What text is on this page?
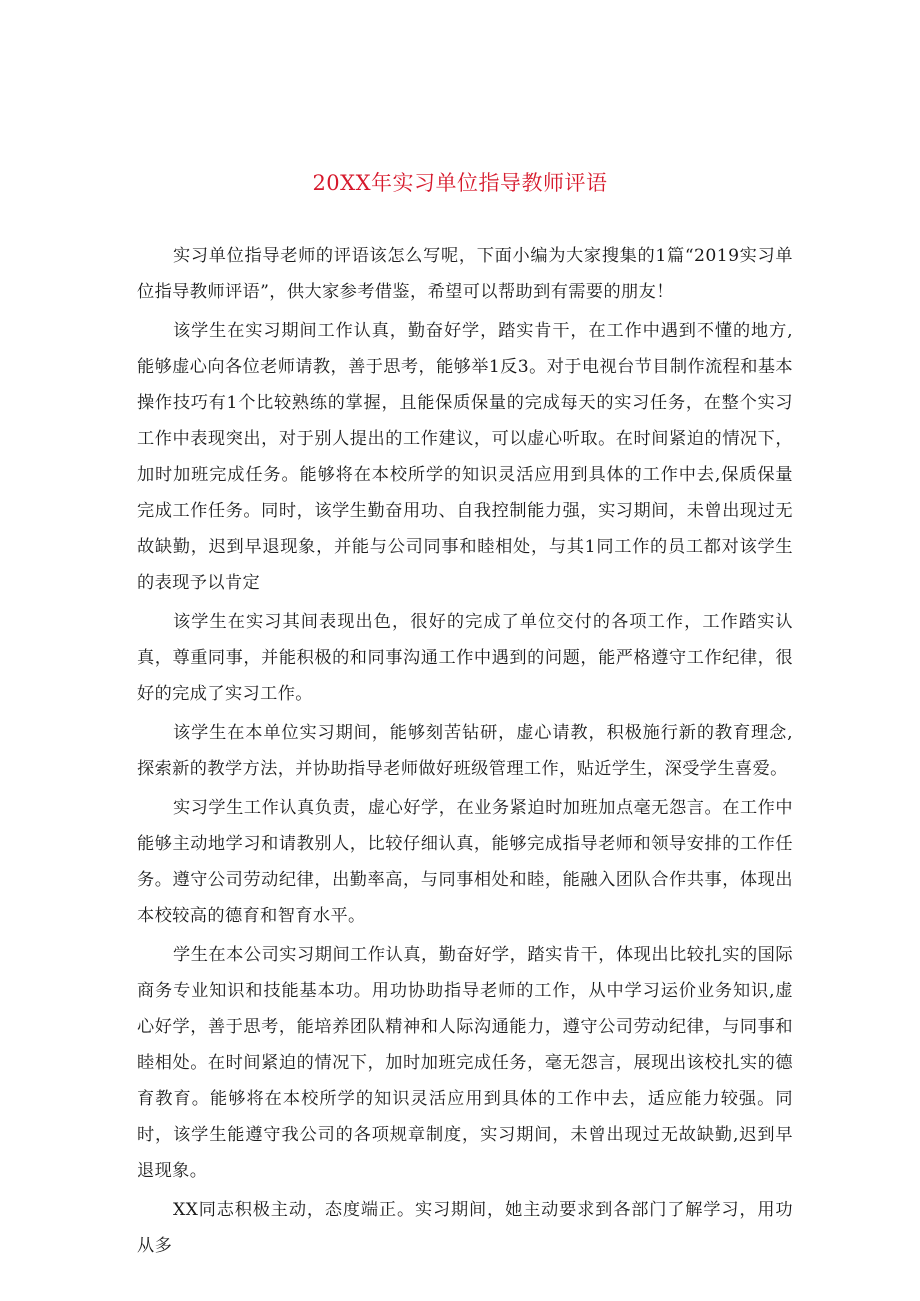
20XX年实习单位指导教师评语

实习单位指导老师的评语该怎么写呢，下面小编为大家搜集的1篇“2019实习单位指导教师评语”，供大家参考借鉴，希望可以帮助到有需要的朋友！

该学生在实习期间工作认真，勤奋好学，踏实肯干，在工作中遇到不懂的地方,能够虚心向各位老师请教，善于思考，能够举1反3。对于电视台节目制作流程和基本操作技巧有1个比较熟练的掌握，且能保质保量的完成每天的实习任务，在整个实习工作中表现突出，对于别人提出的工作建议，可以虚心听取。在时间紧迫的情况下，加时加班完成任务。能够将在本校所学的知识灵活应用到具体的工作中去,保质保量完成工作任务。同时，该学生勤奋用功、自我控制能力强，实习期间，未曾出现过无故缺勤，迟到早退现象，并能与公司同事和睦相处，与其1同工作的员工都对该学生的表现予以肯定

该学生在实习其间表现出色，很好的完成了单位交付的各项工作，工作踏实认真，尊重同事，并能积极的和同事沟通工作中遇到的问题，能严格遵守工作纪律，很好的完成了实习工作。

该学生在本单位实习期间，能够刻苦钻研，虚心请教，积极施行新的教育理念,探索新的教学方法，并协助指导老师做好班级管理工作，贴近学生，深受学生喜爱。

实习学生工作认真负责，虚心好学，在业务紧迫时加班加点毫无怨言。在工作中能够主动地学习和请教别人，比较仔细认真，能够完成指导老师和领导安排的工作任务。遵守公司劳动纪律，出勤率高，与同事相处和睦，能融入团队合作共事，体现出本校较高的德育和智育水平。

学生在本公司实习期间工作认真，勤奋好学，踏实肯干，体现出比较扎实的国际商务专业知识和技能基本功。用功协助指导老师的工作，从中学习运价业务知识,虚心好学，善于思考，能培养团队精神和人际沟通能力，遵守公司劳动纪律，与同事和睦相处。在时间紧迫的情况下，加时加班完成任务，毫无怨言，展现出该校扎实的德育教育。能够将在本校所学的知识灵活应用到具体的工作中去，适应能力较强。同时，该学生能遵守我公司的各项规章制度，实习期间，未曾出现过无故缺勤,迟到早退现象。

XX同志积极主动，态度端正。实习期间，她主动要求到各部门了解学习，用功从多
